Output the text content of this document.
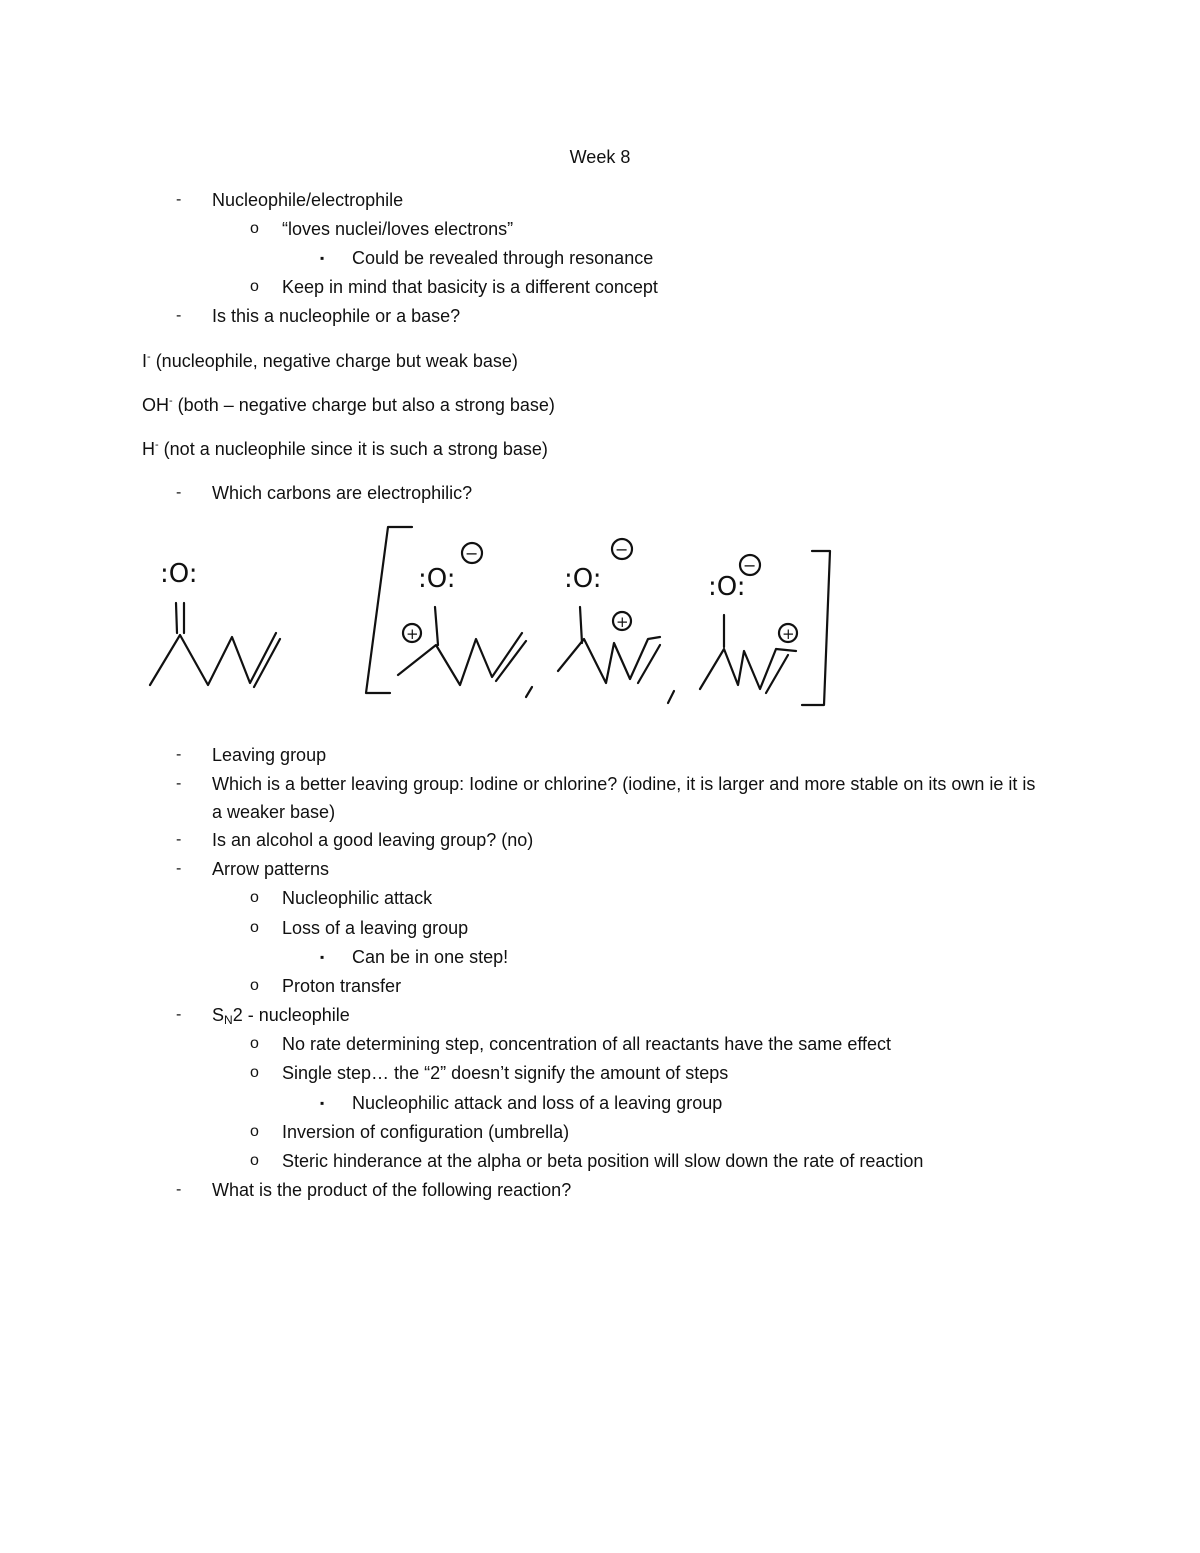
Week 8
- Nucleophile/electrophile
o “loves nuclei/loves electrons”
▪ Could be revealed through resonance
o Keep in mind that basicity is a different concept
- Is this a nucleophile or a base?
I- (nucleophile, negative charge but weak base)
OH- (both – negative charge but also a strong base)
H- (not a nucleophile since it is such a strong base)
- Which carbons are electrophilic?
:O:	:O:
−
+
:O:
−
+
:O:
−
+
- Leaving group
- Which is a better leaving group: Iodine or chlorine? (iodine, it is larger and more stable on its own ie it is a weaker base)
- Is an alcohol a good leaving group? (no)
- Arrow patterns
o Nucleophilic attack
o Loss of a leaving group
▪ Can be in one step!
o Proton transfer
- $S_N2$ - nucleophile
o No rate determining step, concentration of all reactants have the same effect
o Single step… the “2” doesn’t signify the amount of steps
▪ Nucleophilic attack and loss of a leaving group
o Inversion of configuration (umbrella)
o Steric hinderance at the alpha or beta position will slow down the rate of reaction
- What is the product of the following reaction?
